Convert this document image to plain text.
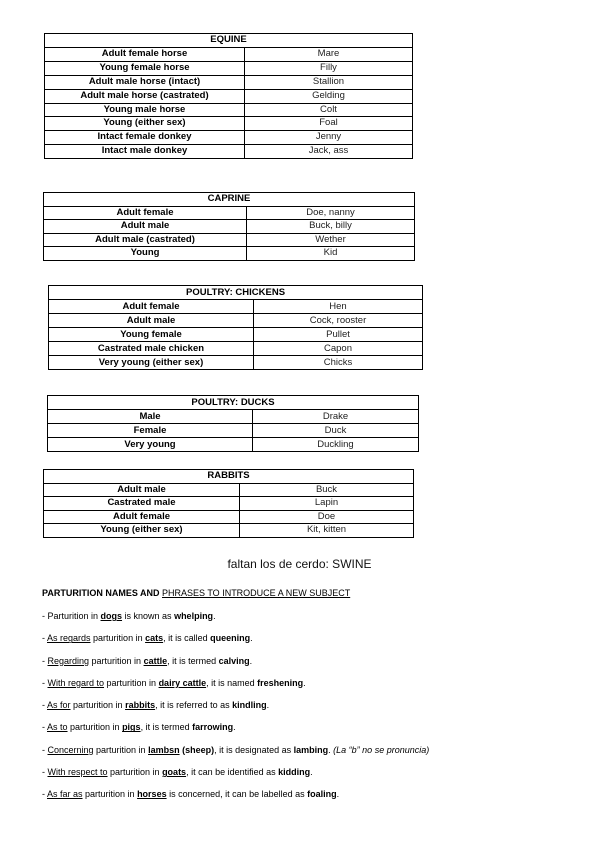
EQUINE	
Adult female horse	Mare
Young female horse	Filly
Adult male horse (intact)	Stallion
Adult male horse (castrated)	Gelding
Young male horse	Colt
Young (either sex)	Foal
Intact female donkey	Jenny
Intact male donkey	Jack, ass
CAPRINE	
Adult female	Doe, nanny
Adult male	Buck, billy
Adult male (castrated)	Wether
Young	Kid
POULTRY: CHICKENS	
Adult female	Hen
Adult male	Cock, rooster
Young female	Pullet
Castrated male chicken	Capon
Very young (either sex)	Chicks
POULTRY: DUCKS	
Male	Drake
Female	Duck
Very young	Duckling
RABBITS	
Adult male	Buck
Castrated male	Lapin
Adult female	Doe
Young (either sex)	Kit, kitten
faltan los de cerdo: SWINE
PARTURITION NAMES AND PHRASES TO INTRODUCE A NEW SUBJECT
- Parturition in dogs is known as whelping.
- As regards parturition in cats, it is called queening.
- Regarding parturition in cattle, it is termed calving.
- With regard to parturition in dairy cattle, it is named freshening.
- As for parturition in rabbits, it is referred to as kindling.
- As to parturition in pigs, it is termed farrowing.
- Concerning parturition in lambsn (sheep), it is designated as lambing. (La “b” no se pronuncia)
- With respect to parturition in goats, it can be identified as kidding.
- As far as parturition in horses is concerned, it can be labelled as foaling.
